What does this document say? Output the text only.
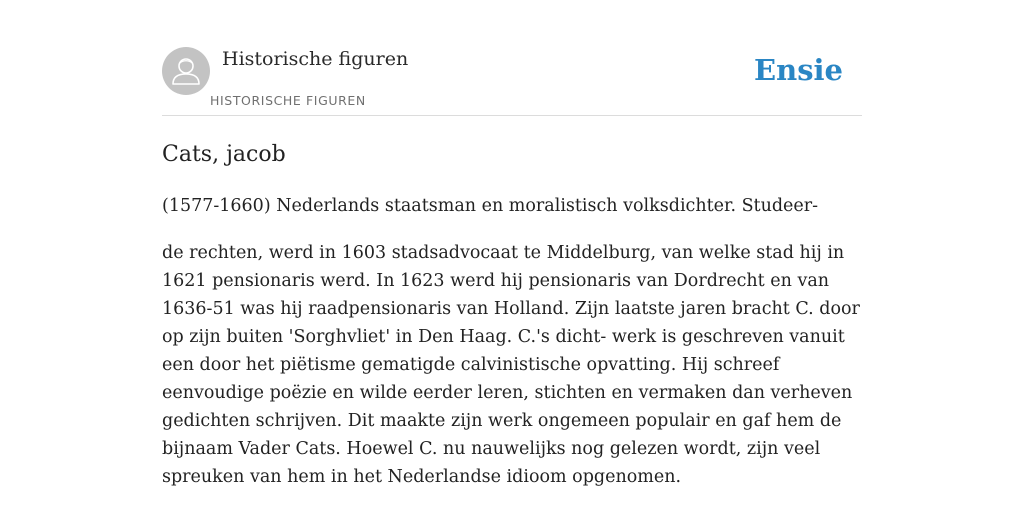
Historische figuren
HISTORISCHE FIGUREN
Ensie
Cats, jacob

(1577-1660) Nederlands staatsman en moralistisch volksdichter. Studeer-

de rechten, werd in 1603 stadsadvocaat te Middelburg, van welke stad hij in 1621 pensionaris werd. In 1623 werd hij pensionaris van Dordrecht en van 1636-51 was hij raadpensionaris van Holland. Zijn laatste jaren bracht C. door op zijn buiten 'Sorghvliet' in Den Haag. C.'s dicht- werk is geschreven vanuit een door het piëtisme gematigde calvinistische opvatting. Hij schreef eenvoudige poëzie en wilde eerder leren, stichten en vermaken dan verheven gedichten schrijven. Dit maakte zijn werk ongemeen populair en gaf hem de bijnaam Vader Cats. Hoewel C. nu nauwelijks nog gelezen wordt, zijn veel spreuken van hem in het Nederlandse idioom opgenomen.
